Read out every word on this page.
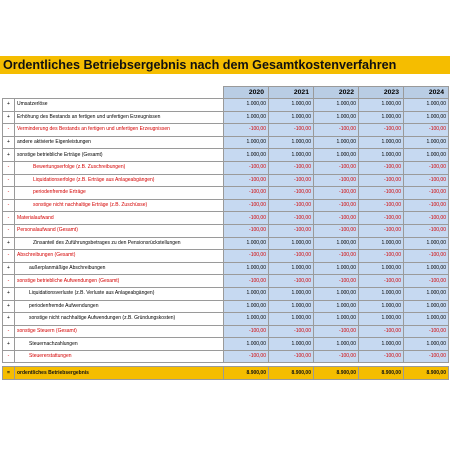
Ordentliches Betriebsergebnis nach dem Gesamtkostenverfahren
		2020	2021	2022	2023	2024
+	Umsatzerlöse	1.000,00	1.000,00	1.000,00	1.000,00	1.000,00
+	Erhöhung des Bestands an fertigen und unfertigen Erzeugnissen	1.000,00	1.000,00	1.000,00	1.000,00	1.000,00
-	Verminderung des Bestands an fertigen und unfertigen Erzeugnissen	-100,00	-100,00	-100,00	-100,00	-100,00
+	andere aktivierte Eigenleistungen	1.000,00	1.000,00	1.000,00	1.000,00	1.000,00
+	sonstige betriebliche Erträge (Gesamt)	1.000,00	1.000,00	1.000,00	1.000,00	1.000,00
-	Bewertungserfolge (z.B. Zuschreibungen)	-100,00	-100,00	-100,00	-100,00	-100,00
-	Liquidationserfolge (z.B. Erträge aus Anlageabgängen)	-100,00	-100,00	-100,00	-100,00	-100,00
-	periodenfremde Erträge	-100,00	-100,00	-100,00	-100,00	-100,00
-	sonstige nicht nachhaltige Erträge (z.B. Zuschüsse)	-100,00	-100,00	-100,00	-100,00	-100,00
-	Materialaufwand	-100,00	-100,00	-100,00	-100,00	-100,00
-	Personalaufwand (Gesamt)	-100,00	-100,00	-100,00	-100,00	-100,00
+	Zinsanteil des Zuführungsbetrages zu den Pensionsrückstellungen	1.000,00	1.000,00	1.000,00	1.000,00	1.000,00
-	Abschreibungen (Gesamt)	-100,00	-100,00	-100,00	-100,00	-100,00
+	außerplanmäßige Abschreibungen	1.000,00	1.000,00	1.000,00	1.000,00	1.000,00
-	sonstige betriebliche Aufwendungen (Gesamt)	-100,00	-100,00	-100,00	-100,00	-100,00
+	Liquidationsverluste (z.B. Verluste aus Anlageabgängen)	1.000,00	1.000,00	1.000,00	1.000,00	1.000,00
+	periodenfremde Aufwendungen	1.000,00	1.000,00	1.000,00	1.000,00	1.000,00
+	sonstige nicht nachhaltige Aufwendungen (z.B. Gründungskosten)	1.000,00	1.000,00	1.000,00	1.000,00	1.000,00
-	sonstige Steuern (Gesamt)	-100,00	-100,00	-100,00	-100,00	-100,00
+	Steuernachzahlungen	1.000,00	1.000,00	1.000,00	1.000,00	1.000,00
-	Steuererstattungen	-100,00	-100,00	-100,00	-100,00	-100,00

=	ordentliches Betriebsergebnis	8.900,00	8.900,00	8.900,00	8.900,00	8.900,00
